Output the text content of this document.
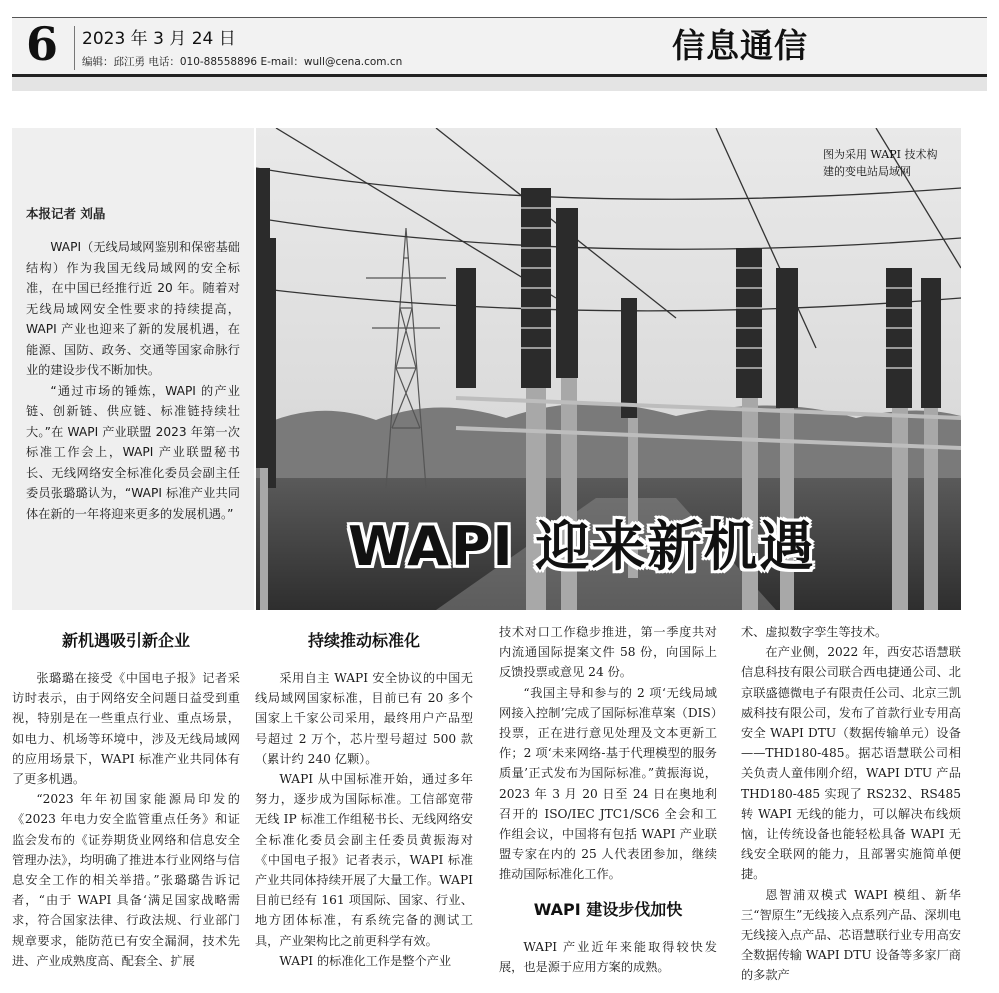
6 2023 年 3 月 24 日
编辑：邱江勇 电话：010-88558896 E-mail：wull@cena.com.cn	信息通信
本报记者 刘晶

WAPI（无线局域网鉴别和保密基础结构）作为我国无线局域网的安全标准，在中国已经推行近 20 年。随着对无线局域网安全性要求的持续提高，WAPI 产业也迎来了新的发展机遇，在能源、国防、政务、交通等国家命脉行业的建设步伐不断加快。

“通过市场的锤炼，WAPI 的产业链、创新链、供应链、标准链持续壮大。”在 WAPI 产业联盟 2023 年第一次标准工作会上，WAPI 产业联盟秘书长、无线网络安全标准化委员会副主任委员张璐璐认为，“WAPI 标准产业共同体在新的一年将迎来更多的发展机遇。”

图为采用 WAPI 技术构建的变电站局域网
WAPI 迎来新机遇
新机遇吸引新企业

张璐璐在接受《中国电子报》记者采访时表示，由于网络安全问题日益受到重视，特别是在一些重点行业、重点场景，如电力、机场等环境中，涉及无线局域网的应用场景下，WAPI 标准产业共同体有了更多机遇。

“2023 年年初国家能源局印发的《2023 年电力安全监管重点任务》和证监会发布的《证券期货业网络和信息安全管理办法》，均明确了推进本行业网络与信息安全工作的相关举措。”张璐璐告诉记者，“由于 WAPI 具备‘满足国家战略需求，符合国家法律、行政法规、行业部门规章要求，能防范已有安全漏洞，技术先进、产业成熟度高、配套全、扩展

持续推动标准化

采用自主 WAPI 安全协议的中国无线局域网国家标准，目前已有 20 多个国家上千家公司采用，最终用户产品型号超过 2 万个，芯片型号超过 500 款（累计约 240 亿颗）。

WAPI 从中国标准开始，通过多年努力，逐步成为国际标准。工信部宽带无线 IP 标准工作组秘书长、无线网络安全标准化委员会副主任委员黄振海对《中国电子报》记者表示，WAPI 标准产业共同体持续开展了大量工作。WAPI 目前已经有 161 项国际、国家、行业、地方团体标准，有系统完备的测试工具，产业架构比之前更科学有效。

WAPI 的标准化工作是整个产业

技术对口工作稳步推进，第一季度共对内流通国际提案文件 58 份，向国际上反馈投票或意见 24 份。

“我国主导和参与的 2 项‘无线局域网接入控制’完成了国际标准草案（DIS）投票，正在进行意见处理及文本更新工作；2 项‘未来网络-基于代理模型的服务质量’正式发布为国际标准。”黄振海说，2023 年 3 月 20 日至 24 日在奥地利召开的 ISO/IEC JTC1/SC6 全会和工作组会议，中国将有包括 WAPI 产业联盟专家在内的 25 人代表团参加，继续推动国际标准化工作。

WAPI 建设步伐加快

WAPI 产业近年来能取得较快发展，也是源于应用方案的成熟。

术、虚拟数字孪生等技术。

在产业侧，2022 年，西安芯语慧联信息科技有限公司联合西电捷通公司、北京联盛德微电子有限责任公司、北京三凯威科技有限公司，发布了首款行业专用高安全 WAPI DTU（数据传输单元）设备——THD180-485。据芯语慧联公司相关负责人童伟刚介绍，WAPI DTU 产品 THD180-485 实现了 RS232、RS485 转 WAPI 无线的能力，可以解决布线烦恼，让传统设备也能轻松具备 WAPI 无线安全联网的能力，且部署实施简单便捷。

恩智浦双模式 WAPI 模组、新华三“智原生”无线接入点系列产品、深圳电无线接入点产品、芯语慧联行业专用高安全数据传输 WAPI DTU 设备等多家厂商的多款产
